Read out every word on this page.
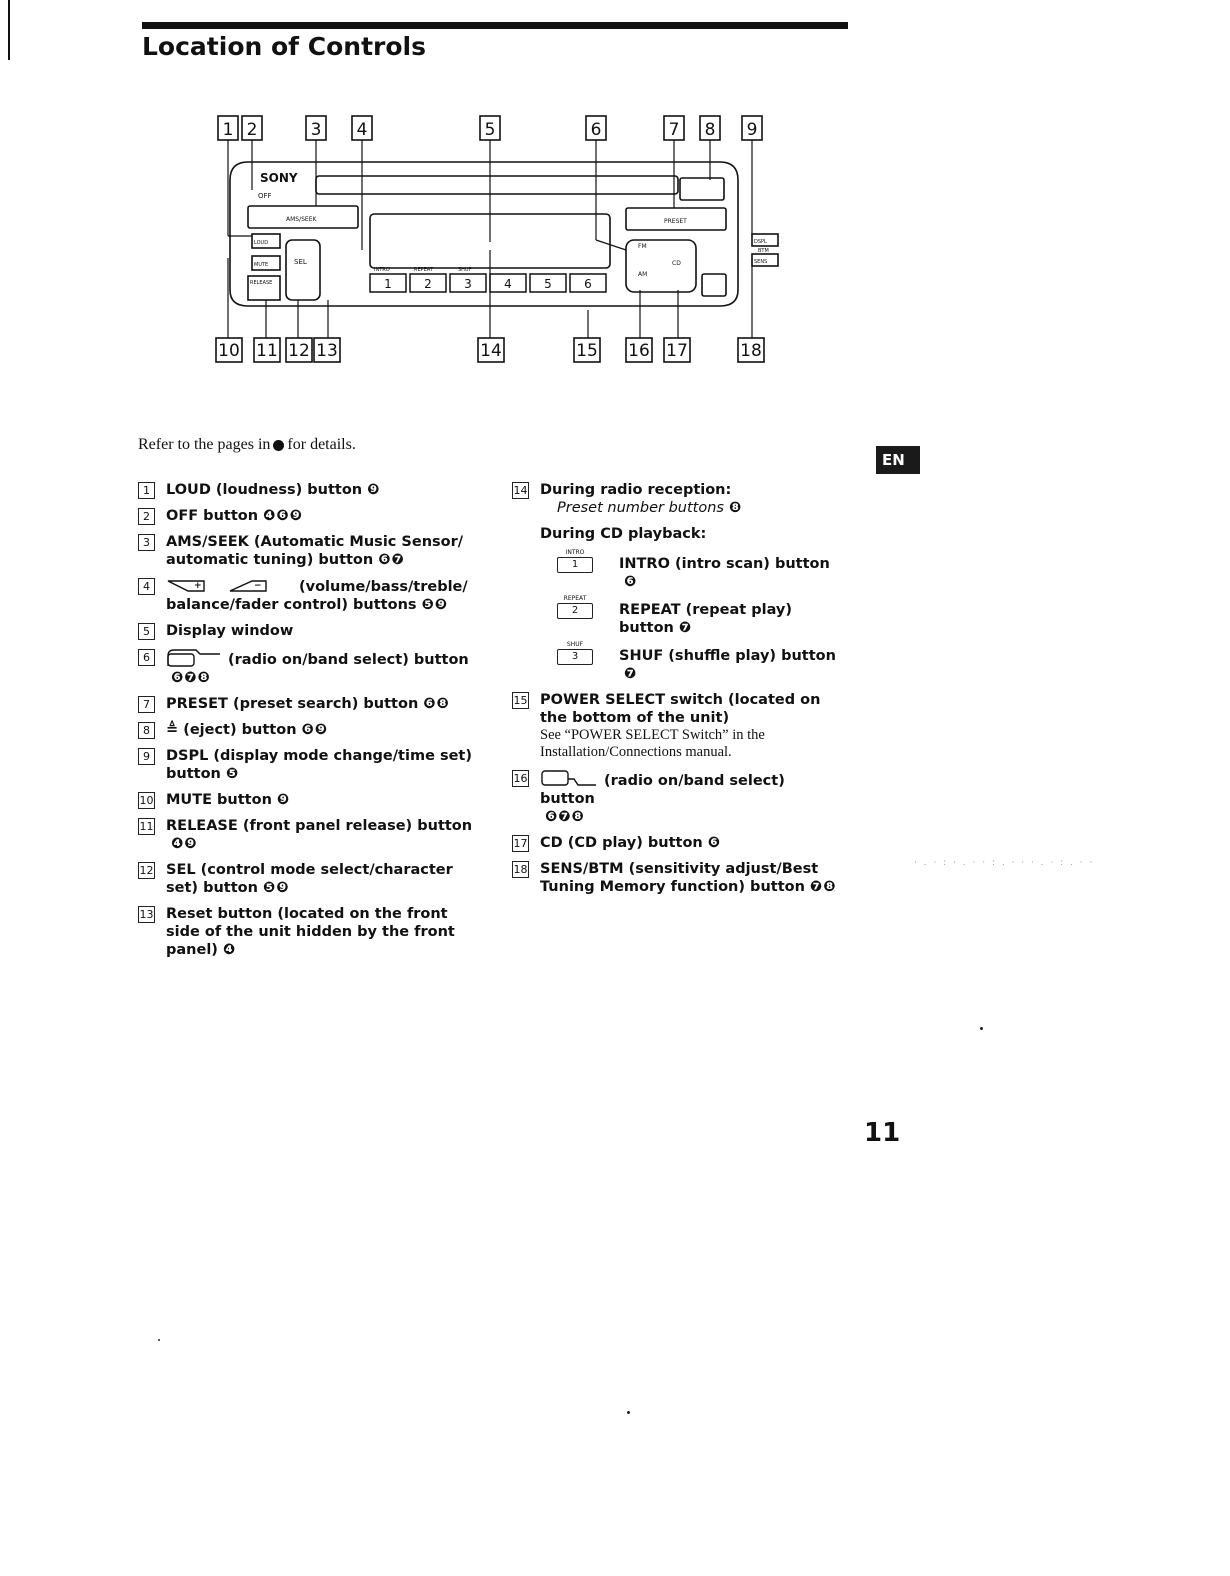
Location of Controls
1 2	3 4	5	6	7 8 9
1	2	3	4	5	6
SONY
OFF
AMS/SEEK	PRESET
SEL
LOUD
MUTE
RELEASE
FM
AM
CD
DSPL
BTM
SENS
INTRO	REPEAT	SHUF
10 11 12 13	14	15 16 17	18

Refer to the pages in for details.

EN
1	LOUD (loudness) button ❾
2	OFF button ❹❻❾
3	AMS/SEEK (Automatic Music Sensor/ automatic tuning) button ❻❼
4	+	−	(volume/bass/treble/ balance/fader control) buttons ❺❾
5	Display window
6	(radio on/band select) button
❻❼❽
7	PRESET (preset search) button ❻❽
8	≜ (eject) button ❻❾
9	DSPL (display mode change/time set) button ❺
10 MUTE button ❾
11 RELEASE (front panel release) button
❹❾
12 SEL (control mode select/character set) button ❺❾
13 Reset button (located on the front side of the unit hidden by the front panel) ❹
14 During radio reception:
Preset number buttons ❽
During CD playback:
INTRO
1	INTRO (intro scan) button❻
REPEAT
2	REPEAT (repeat play) button ❼
SHUF
3	SHUF (shuffle play) button❼
15 POWER SELECT switch (located on the bottom of the unit)
See “POWER SELECT Switch” in the Installation/Connections manual.
16	(radio on/band select) button
❻❼❽
17 CD (CD play) button ❻
18 SENS/BTM (sensitivity adjust/Best Tuning Memory function) button ❼❽

11

· . · : · . · · : . · · · . · : . · ·
